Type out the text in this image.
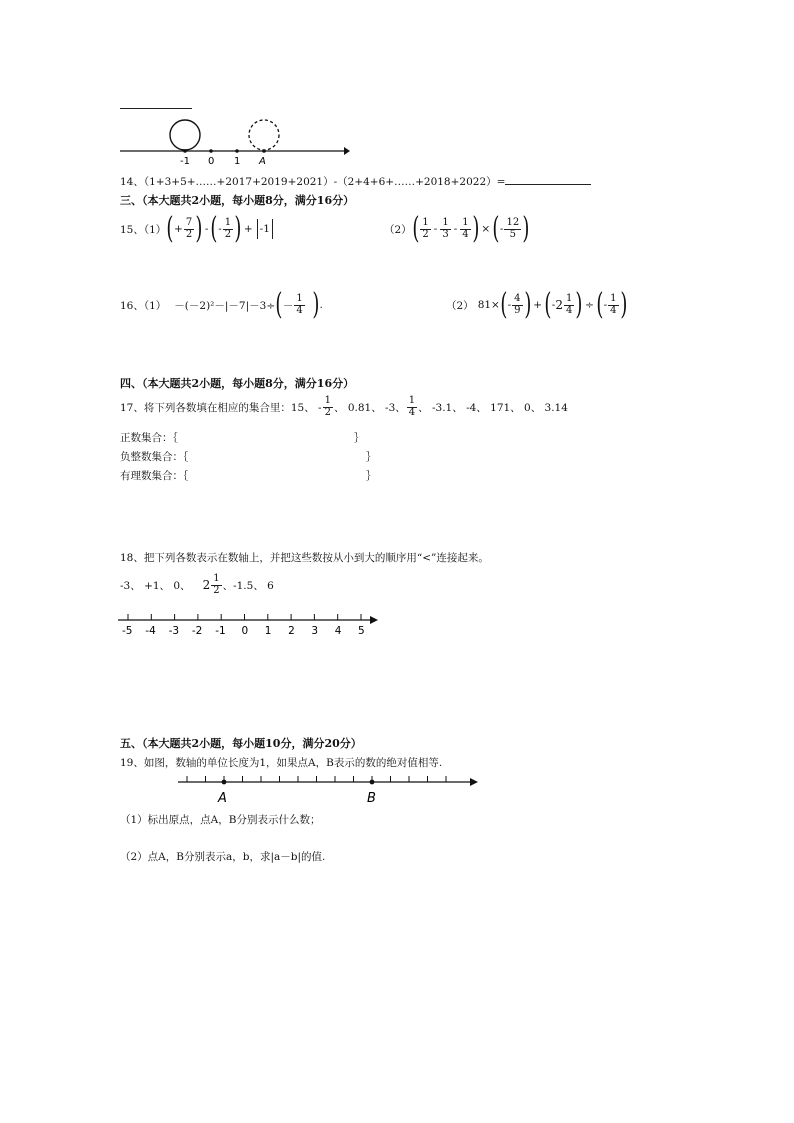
-1 0 1 A
14、（1+3+5+……+2017+2019+2021）-（2+4+6+……+2018+2022）=
三、（本大题共2小题，每小题8分，满分16分）
15、（1） ( + $\frac{7}{2}$ ) - ( - $\frac{1}{2}$ ) + -1	（2） ( $\frac{1}{2} - \frac{1}{3} - \frac{1}{4}$ ) × ( - $\frac{12}{5}$ )
16、（1） －(－2)²－|－7|－3÷ ( － $\frac{1}{4}$ ) .	（2） 81× ( - $\frac{4}{9}$ ) + ( - $2 \frac{1}{4}$ ) ÷ ( - $\frac{1}{4}$ )
四、（本大题共2小题，每小题8分，满分16分）
17、将下列各数填在相应的集合里：15、 - $\frac{1}{2}$ 、 0.81、 -3、 $\frac{1}{4}$ 、 -3.1、 -4、 171、 0、 3.14
正数集合：｛	｝
负整数集合：｛	｝
有理数集合：｛	｝
18、把下列各数表示在数轴上，并把这些数按从小到大的顺序用“<”连接起来。
-3、 +1、 0、 $2 \frac{1}{2}$ 、-1.5、 6
-5 -4 -3 -2 -1 0 1 2 3 4 5
五、（本大题共2小题，每小题10分，满分20分）
19、如图，数轴的单位长度为1，如果点A，B表示的数的绝对值相等.
A	B
（1）标出原点，点A，B分别表示什么数；
（2）点A，B分别表示a，b，求|a－b|的值.
